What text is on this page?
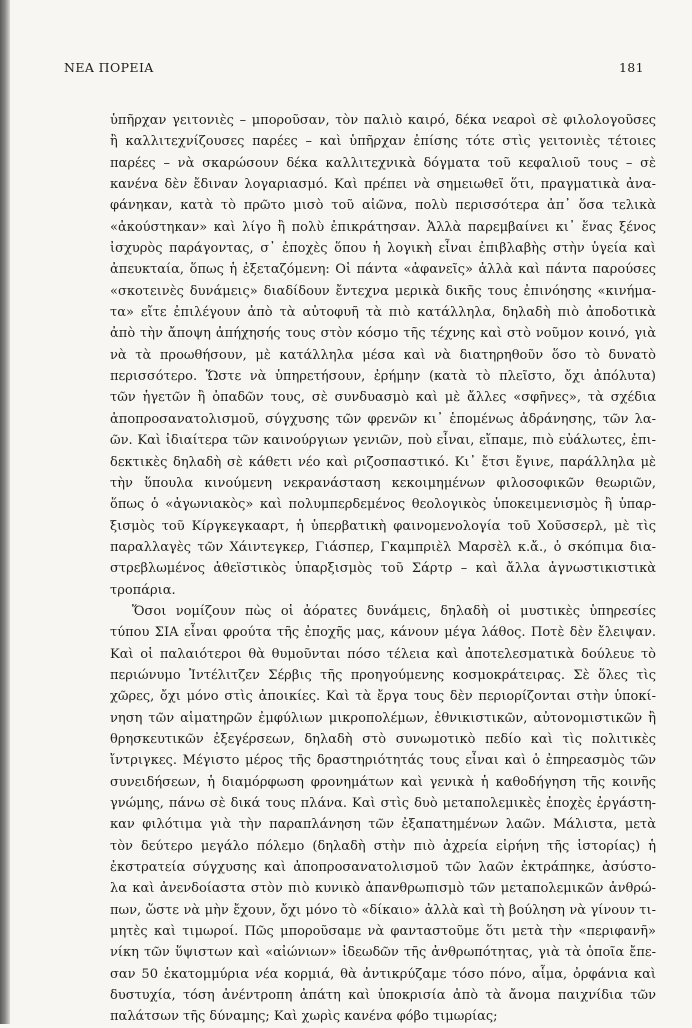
ΝΕΑ ΠΟΡΕΙΑ	181
ὑπῆρχαν γειτονιὲς – μποροῦσαν, τὸν παλιὸ καιρό, δέκα νεαροὶ σὲ φιλολογοῦσες
ἢ καλλιτεχνίζουσες παρέες – καὶ ὑπῆρχαν ἐπίσης τότε στὶς γειτονιὲς τέτοιες
παρέες – νὰ σκαρώσουν δέκα καλλιτεχνικὰ δόγματα τοῦ κεφαλιοῦ τους – σὲ
κανένα δὲν ἔδιναν λογαριασμό. Καὶ πρέπει νὰ σημειωθεῖ ὅτι, πραγματικὰ ἀνα-
φάνηκαν, κατὰ τὸ πρῶτο μισὸ τοῦ αἰῶνα, πολὺ περισσότερα ἀπ᾽ ὅσα τελικὰ
«ἀκούστηκαν» καὶ λίγο ἢ πολὺ ἐπικράτησαν. Ἀλλὰ παρεμβαίνει κι᾽ ἕνας ξένος
ἰσχυρὸς παράγοντας, σ᾽ ἐποχὲς ὅπου ἡ λογικὴ εἶναι ἐπιβλαβὴς στὴν ὑγεία καὶ
ἀπευκταία, ὅπως ἡ ἐξεταζόμενη: Οἱ πάντα «ἀφανεῖς» ἀλλὰ καὶ πάντα παρούσες
«σκοτεινὲς δυνάμεις» διαδίδουν ἔντεχνα μερικὰ δικῆς τους ἐπινόησης «κινήμα-
τα» εἴτε ἐπιλέγουν ἀπὸ τὰ αὐτοφυῆ τὰ πιὸ κατάλληλα, δηλαδὴ πιὸ ἀποδοτικὰ
ἀπὸ τὴν ἄποψη ἀπήχησής τους στὸν κόσμο τῆς τέχνης καὶ στὸ νοῦμον κοινό, γιὰ
νὰ τὰ προωθήσουν, μὲ κατάλληλα μέσα καὶ νὰ διατηρηθοῦν ὅσο τὸ δυνατὸ
περισσότερο. Ὥστε νὰ ὑπηρετήσουν, ἐρήμην (κατὰ τὸ πλεῖστο, ὄχι ἀπόλυτα)
τῶν ἡγετῶν ἢ ὀπαδῶν τους, σὲ συνδυασμὸ καὶ μὲ ἄλλες «σφῆνες», τὰ σχέδια
ἀποπροσανατολισμοῦ, σύγχυσης τῶν φρενῶν κι᾽ ἑπομένως ἀδράνησης, τῶν λα-
ῶν. Καὶ ἰδιαίτερα τῶν καινούργιων γενιῶν, ποὺ εἶναι, εἴπαμε, πιὸ εὐάλωτες, ἐπι-
δεκτικὲς δηλαδὴ σὲ κάθετι νέο καὶ ριζοσπαστικό. Κι᾽ ἔτσι ἔγινε, παράλληλα μὲ
τὴν ὕπουλα κινούμενη νεκρανάσταση κεκοιμημένων φιλοσοφικῶν θεωριῶν,
ὅπως ὁ «ἀγωνιακὸς» καὶ πολυμπερδεμένος θεολογικὸς ὑποκειμενισμὸς ἢ ὑπαρ-
ξισμὸς τοῦ Κίργκεγκααρτ, ἡ ὑπερβατικὴ φαινομενολογία τοῦ Χοῦσσερλ, μὲ τὶς
παραλλαγὲς τῶν Χάιντεγκερ, Γιάσπερ, Γκαμπριὲλ Μαρσὲλ κ.ἄ., ὁ σκόπιμα δια-
στρεβλωμένος ἀθεϊστικὸς ὑπαρξισμὸς τοῦ Σάρτρ – καὶ ἄλλα ἀγνωστικιστικὰ
τροπάρια.
Ὅσοι νομίζουν πὼς οἱ ἀόρατες δυνάμεις, δηλαδὴ οἱ μυστικὲς ὑπηρεσίες
τύπου ΣΙΑ εἶναι φρούτα τῆς ἐποχῆς μας, κάνουν μέγα λάθος. Ποτὲ δὲν ἔλειψαν.
Καὶ οἱ παλαιότεροι θὰ θυμοῦνται πόσο τέλεια καὶ ἀποτελεσματικὰ δούλευε τὸ
περιώνυμο Ἰντέλιτζεν Σέρβις τῆς προηγούμενης κοσμοκράτειρας. Σὲ ὅλες τὶς
χῶρες, ὄχι μόνο στὶς ἀποικίες. Καὶ τὰ ἔργα τους δὲν περιορίζονται στὴν ὑποκί-
νηση τῶν αἱματηρῶν ἐμφύλιων μικροπολέμων, ἐθνικιστικῶν, αὐτονομιστικῶν ἢ
θρησκευτικῶν ἐξεγέρσεων, δηλαδὴ στὸ συνωμοτικὸ πεδίο καὶ τὶς πολιτικὲς
ἴντριγκες. Μέγιστο μέρος τῆς δραστηριότητάς τους εἶναι καὶ ὁ ἐπηρεασμὸς τῶν
συνειδήσεων, ἡ διαμόρφωση φρονημάτων καὶ γενικὰ ἡ καθοδήγηση τῆς κοινῆς
γνώμης, πάνω σὲ δικά τους πλάνα. Καὶ στὶς δυὸ μεταπολεμικὲς ἐποχὲς ἐργάστη-
καν φιλότιμα γιὰ τὴν παραπλάνηση τῶν ἐξαπατημένων λαῶν. Μάλιστα, μετὰ
τὸν δεύτερο μεγάλο πόλεμο (δηλαδὴ στὴν πιὸ ἀχρεία εἰρήνη τῆς ἱστορίας) ἡ
ἐκστρατεία σύγχυσης καὶ ἀποπροσανατολισμοῦ τῶν λαῶν ἐκτράπηκε, ἀσύστο-
λα καὶ ἀνενδοίαστα στὸν πιὸ κυνικὸ ἀπανθρωπισμὸ τῶν μεταπολεμικῶν ἀνθρώ-
πων, ὥστε νὰ μὴν ἔχουν, ὄχι μόνο τὸ «δίκαιο» ἀλλὰ καὶ τὴ βούληση νὰ γίνουν τι-
μητὲς καὶ τιμωροί. Πῶς μποροῦσαμε νὰ φανταστοῦμε ὅτι μετὰ τὴν «περιφανῆ»
νίκη τῶν ὕψιστων καὶ «αἰώνιων» ἰδεωδῶν τῆς ἀνθρωπότητας, γιὰ τὰ ὁποῖα ἔπε-
σαν 50 ἑκατομμύρια νέα κορμιά, θὰ ἀντικρύζαμε τόσο πόνο, αἷμα, ὀρφάνια καὶ
δυστυχία, τόση ἀνέντροπη ἀπάτη καὶ ὑποκρισία ἀπὸ τὰ ἄνομα παιχνίδια τῶν
παλάτσων τῆς δύναμης; Καὶ χωρὶς κανένα φόβο τιμωρίας;
